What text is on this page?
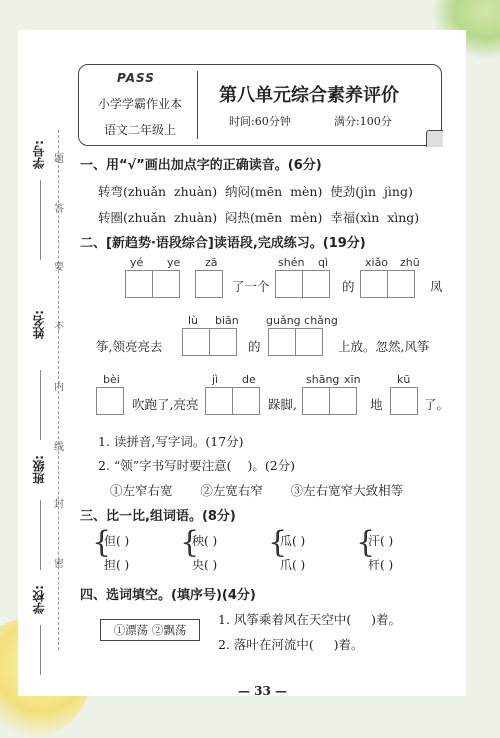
学号:
姓名:
班级:
学校:
题
答
要
不
内
线
封
密
PASS
小学学霸作业本
语文二年级上
第八单元综合素养评价
时间:60分钟	满分:100分
一、用“√”画出加点字的正确读音。(6分)
转弯(zhuǎn  zhuàn)  纳闷(mēn  mèn)  使劲(jìn  jìng)
转圈(zhuǎn  zhuàn)  闷热(mēn  mèn)  幸福(xìn  xìng)
二、[新趋势·语段综合]读语段,完成练习。(19分)
yé ye zā
了一个
shén qì
的
xiǎo zhū
凤
筝,领亮亮去
lù biān
的
guǎng chǎng
上放。忽然,风筝
bèi
吹跑了,亮亮
jì de
跺脚,
shāng xīn
地
kū
了。
1. 读拼音,写字词。(17分)
2. “领”字书写时要注意(    )。(2分)
①左窄右宽       ②左宽右窄       ③左右宽窄大致相等
三、比一比,组词语。(8分)
{
但( )
担( )
{
秧( )
央( )
{
瓜( )
爪( )
{
汗( )
杆( )
四、选词填空。(填序号)(4分)
①漂荡 ②飘荡
1. 风筝乘着风在天空中(     )着。
2. 落叶在河流中(     )着。
— 33 —
